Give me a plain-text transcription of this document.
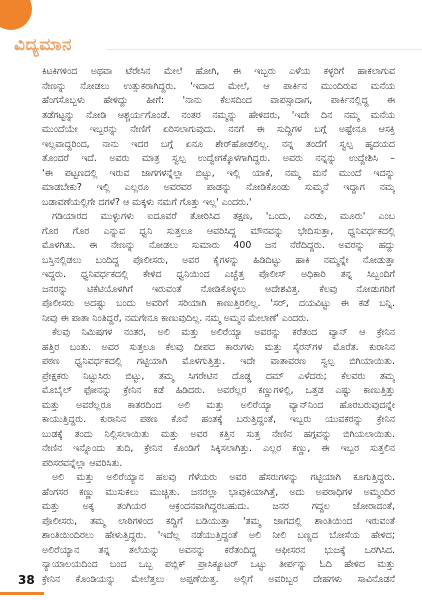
ವಿದ್ಯಮಾನ
ಕಿಟಕಿಗಳಿಂದ ಅಥವಾ ಟೆರೇಸಿನ ಮೇಲೆ ಹೋಗಿ, ಈ ಇಬ್ಬರು ಎಳೆಯ ಕಳ್ಳರಿಗೆ ಹಾಕಲಾಗುವ
ನೇಣನ್ನು ನೋಡಲು ಉತ್ಸುಕರಾಗಿದ್ದರು. 'ಇದಾದ ಮೇಲೆ, ಆ ಪಾರ್ಕಿನ ಮುಂದಿರುವ ಮನೆಯ
ಹೆಂಗಸೊಬ್ಬಳು ಹೇಳಿದ್ದು ಹೀಗೆ: 'ನಾನು ಕೆಲಸದಿಂದ ವಾಪಸ್ಸಾದಾಗ, ಪಾರ್ಕಿನಲ್ಲಿದ್ದ ಈ
ತಡೆಗಟ್ಟನ್ನು ನೋಡಿ ಆಶ್ಚರ್ಯಗೊಂಡೆ. ನಂತರ ನಮ್ಮನ್ನು ಹೇಳಿದರು, 'ಇದೇ ದಿನ ನಮ್ಮ ಮನೆಯ
ಮುಂದೆಯೇ ಇಬ್ಬರನ್ನು ನೇಣಿಗೆ ಏರಿಸಲಾಗುವುದು. ನನಗೆ ಈ ಸುದ್ದಿಗಳ ಬಗ್ಗೆ ಅಷ್ಟೇನೂ ಆಸಕ್ತಿ
ಇಲ್ಲವಾದ್ದರಿಂದ, ನಾನು ಇದರ ಬಗ್ಗೆ ಏನೂ ಶೇರ್‌ಹೋಡಲಿಲ್ಲ. ನನ್ನ ತಂದೆಗೆ ಸ್ವಲ್ಪ ಹೃದಯದ
ತೊಂದರೆ ಇದೆ. ಅವರು ಮಾತ್ರ ಸ್ವಲ್ಪ ಉದ್ವೇಗಕ್ಕೊಳಗಾಗಿದ್ದರು. ಅವರು ನನ್ನನ್ನು ಉದ್ದೇಶಿಸಿ –
'ಈ ಪಟ್ಟಣದಲ್ಲಿ ಇರುವ ಜಾಗಗಳನ್ನೆಲ್ಲಾ ಬಿಟ್ಟು, ಇಲ್ಲಿ ಯಾಕೆ, ನಮ್ಮ ಮನೆ ಮುಂದೆ ಇದನ್ನು
ಮಾಡಬೇಕು? ಇಲ್ಲಿ ಎಲ್ಲರೂ ಅವರವರ ಪಾಡನ್ನು ನೋಡಿಕೊಂಡು ಸುಮ್ಮನೆ ಇದ್ದಾಗ ನಮ್ಮ
ಬಡಾವಣೆಯಲ್ಲಿಗೇ ದಗಳೆ? ಆ ಮಕ್ಕಳು ನಮಗೆ ಗೊತ್ತು ಇಲ್ಲ' ಎಂದರು.'
ಗಡಿಯಾರದ ಮುಳ್ಳುಗಳು ಐದೂವರೆ ತೋರಿಸಿದ ತಕ್ಷಣ, 'ಒಂದು, ಎರಡು, ಮೂರು' ಎಂಬ
ಗೊರ ಗೊರ ಎನ್ನುವ ಧ್ವನಿ ಸುತ್ತಲೂ ಆವರಿಸಿದ್ದ ಮೌನವನ್ನು ಭೇದಿಸುತ್ತಾ, ಧ್ವನಿವರ್ಧಕದಲ್ಲಿ
ಮೊಳಗಿತು. ಈ ನೇಣನ್ನು ನೋಡಲು ಸುಮಾರು 400 ಜನ ನೆರೆದಿದ್ದರು. ಅವರನ್ನು ಹದ್ದು
ಬಸ್ತಿನಲ್ಲಿಡಲು ಬಂದಿದ್ದ ಪೊಲೀಸರು, ಅವರ ಕೈಗಳನ್ನು ಹಿಡಿದಿಟ್ಟು ಹಾಕಿ ನಮ್ಮನ್ನೇ ನೋಡುತ್ತಾ
ಇದ್ದರು. ಧ್ವನಿವರ್ಧಕದಲ್ಲಿ ಕೇಳಿದ ಧ್ವನಿಯಿಂದ ಎಚ್ಚೆತ್ತ ಪೊಲೀಸ್ ಅಧಿಕಾರಿ ತನ್ನ ಸಿಬ್ಬಂದಿಗೆ
ಜನರನ್ನು ಟಿಕೆಟಿಯೊಳಗಿಗೆ ಇರುವಂತೆ ನೋಡಿಕೊಳ್ಳಲು ಆದೇಶವಿತ್ತ. ಕೆಲವು ನೋಡುಗರಿಗೆ
ಪೊಲೀಸರು ಅದಷ್ಟು ಬಂದು ಅವರಿಗೆ ಸರಿಯಾಗಿ ಕಾಣುತ್ತಿರಲಿಲ್ಲ. 'ಸರ್, ದಯವಿಟ್ಟು ಈ ಕಡೆ ಬನ್ನಿ.
ನೀವು ಈ ಪಾತಾ ನಿಂತಿದ್ದರೆ, ನಮಗೇನೂ ಕಾಣುವುದಿಲ್ಲ. ನಮ್ಮ ಅಮ್ಮನ ಮೇಲಾಣೆ' ಎಂದರು.
ಕೆಲವು ನಿಮಿಷಗಳ ನಂತರ, ಅಲಿ ಮತ್ತು ಅಲಿರೆಯ್ಯಾ ಅವರನ್ನು ಕರೆತಂದ ವ್ಯಾನ್ ಆ ಕ್ರೇನಿನ
ಹತ್ತಿರ ಬಂತು. ಅವರ ಸುತ್ತಲೂ ಕೆಲವು ದೀಪದ ಕಾರುಗಳು ಮತ್ತು ಸೈರನ್‌ಗಳ ಮೊರೆತ. ಕುರಾನಿನ
ಪಠಣ ಧ್ವನಿವರ್ಧಕದಲ್ಲಿ ಗಟ್ಟಿಯಾಗಿ ಮೊಳಗುತ್ತಿತ್ತು. ಇದೇ ವಾತಾವರಣ ಸ್ವಲ್ಪ ಬಿಗಿಯಾಯಿತು.
ಪ್ರೇಕ್ಷಕರು ನಿಟ್ಟುಸಿರು ಬಿಟ್ಟು, ತಮ್ಮ ಸಿಗರೇಟಿನ ದೊಡ್ಡ ದಮ್ ಎಳೆದರು; ಕೆಲವರು ತಮ್ಮ
ಮೊಬೈಲ್ ಫೋನನ್ನು ಕ್ರೇನಿನ ಕಡೆ ಹಿಡಿದರು. ಅವರೆಲ್ಲರ ಕಣ್ಣುಗಳಲ್ಲಿ, ಒತ್ತಡ ಎಷ್ಟು ಕಾಣುತ್ತಿತ್ತು
ಮತ್ತು ಅವರೆಲ್ಲರೂ ಕಾತರದಿಂದ ಅಲಿ ಮತ್ತು ಅಲಿರೆಯ್ಯಾ ವ್ಯಾನ್‌ನಿಂದ ಹೊರಬರುವುದನ್ನೇ
ಕಾಯುತ್ತಿದ್ದರು. ಕುರಾನಿನ ಪಠಣ ಕೊನೆ ಹಂತಕ್ಕೆ ಬರುತ್ತಿದ್ದಂತೆ, ಇಬ್ಬರು ಯುವಕರನ್ನು ಕ್ರೇನಿನ
ಬುಡಕ್ಕೆ ತಂದು ನಿಲ್ಲಿಸಲಾಯಿತು ಮತ್ತು ಅವರ ಕತ್ತಿನ ಸುತ್ತ ನೇಣಿನ ಹಗ್ಗವನ್ನು ಬಿಗಿಯಲಾಯಿತು.
ನೇಣಿನ ಇನ್ನೊಂದು ತುದಿ, ಕ್ರೇನಿನ ಕೊಂಡಿಗೆ ಸಿಕ್ಕಿಸಲಾಗಿತ್ತು. ಎಲ್ಲರ ಕಣ್ಣು, ಈ ಇಬ್ಬರ ಸುತ್ತಲಿನ
ಪರಿಸರವನ್ನೆಲ್ಲಾ ಆವರಿಸಿತು.
ಅಲಿ ಮತ್ತು ಅಲಿರೆಯ್ಯಾನ ಹಲವು ಗೆಳೆಯರು ಅವರ ಹೆಸರುಗಳನ್ನು ಗಟ್ಟಿಯಾಗಿ ಕೂಗುತ್ತಿದ್ದರು.
ಹೆಂಗಸರ ಕಣ್ಣು ಮುಸುಕಲು ಮುಚ್ಚಿತು. ಜನರಲ್ಲಾ ಭಾವುಕಿಯಾಗಿತ್ತೆ, ಅದು ಅಪರಾಧಿಗಳ ಅಮ್ಮಂದಿರ
ಮತ್ತು ಅಕ್ಕ ತಂಗಿಯರ ಆಕ್ರಂದನವಾಗಿದ್ದರಬಹುದು. ಜನರ ಗದ್ದಲ ಜೋರಾದಂತೆ,
ಪೊಲೀಸರು, ತಮ್ಮ ಲಾಠಿಗಳಿಂದ ಕದ್ದಿಗೆ ಬಡಿಯುತ್ತಾ 'ತಮ್ಮ ಜಾಗದಲ್ಲಿ ಶಾಂತಿಯಿಂದ ಇರುವಂತೆ
ಶಾಂತಿಯಿಂದಿರಲು ಹೇಳುತ್ತಿದ್ದರು. 'ಇದೆಲ್ಲ ನಡೆಯುತ್ತಿದ್ದಂತೆ ಅಲಿ ನೀಲಿ ಬಣ್ಣದ ಬೋಸೆಯ ಹೇಳಿದ;
ಅಲಿರೆಯ್ಯಾನ ತನ್ನ ತಲೆಯನ್ನು ಅವನನ್ನು ಕರೆತಂದಿದ್ದ ಆಫೀಸರನ ಭುಜಕ್ಕೆ ಒರಗಿಸಿದ.
ನ್ಯಾಯಾಲಯದಿಂದ ಬಂದ ಒಬ್ಬ ಪಬ್ಲಿಕ್ ಪ್ರಾಸಿಕ್ಯೂಟರ್ ಒಟ್ಟು ತೀರ್ಪನ್ನು ಓದಿ ಹೇಳಿದ ಮತ್ತು
ಕ್ರೇನಿನ ಕೊಂಡಿಯನ್ನು ಮೇಲೆತ್ತಲು ಅಪ್ಪಣೆಯಿತ್ತ. ಅಲ್ಲಿಗೆ ಅವರಿಬ್ಬರ ದೇಹಗಳು ಸಾವಿನೊಡನೆ
38
